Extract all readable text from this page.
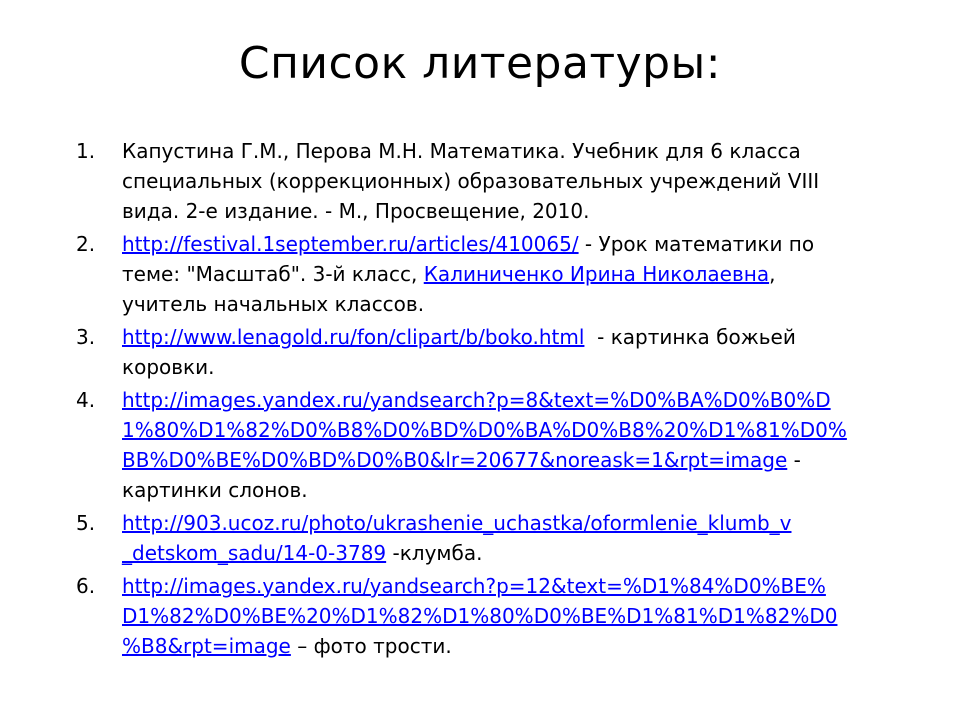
Список литературы:
1.	Капустина Г.М., Перова М.Н. Математика. Учебник для 6 класса
специальных (коррекционных) образовательных учреждений VIII
вида. 2-е издание. - М., Просвещение, 2010.
2.	http://festival.1september.ru/articles/410065/ - Урок математики по
теме: "Масштаб". 3-й класс, Калиниченко Ирина Николаевна,
учитель начальных классов.
3.	http://www.lenagold.ru/fon/clipart/b/boko.html  - картинка божьей
коровки.
4.	http://images.yandex.ru/yandsearch?p=8&text=%D0%BA%D0%B0%D
1%80%D1%82%D0%B8%D0%BD%D0%BA%D0%B8%20%D1%81%D0%
BB%D0%BE%D0%BD%D0%B0&lr=20677&noreask=1&rpt=image -
картинки слонов.
5.	http://903.ucoz.ru/photo/ukrashenie_uchastka/oformlenie_klumb_v
_detskom_sadu/14-0-3789 -клумба.
6.	http://images.yandex.ru/yandsearch?p=12&text=%D1%84%D0%BE%
D1%82%D0%BE%20%D1%82%D1%80%D0%BE%D1%81%D1%82%D0
%B8&rpt=image – фото трости.
